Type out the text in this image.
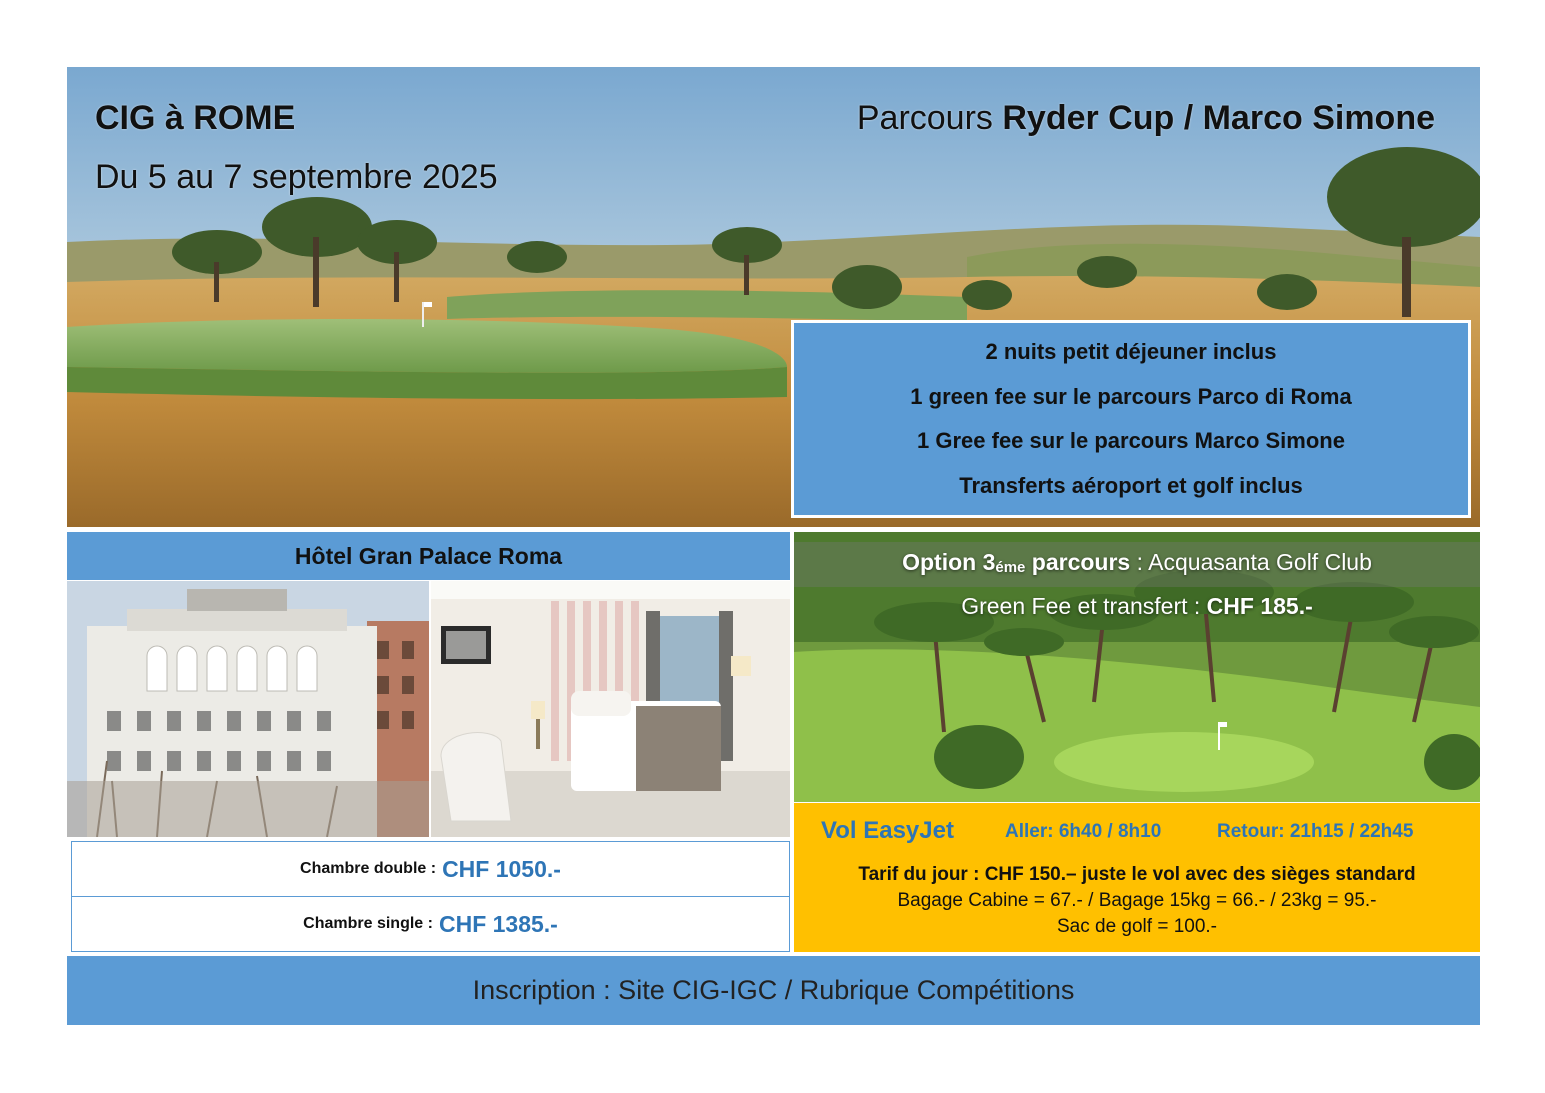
CIG à ROME
Du 5 au 7 septembre 2025
Parcours Ryder Cup / Marco Simone
2 nuits petit déjeuner inclus
1 green fee sur le parcours Parco di Roma
1 Gree fee sur le parcours Marco Simone
Transferts aéroport et golf inclus
Hôtel Gran Palace Roma
Chambre double : CHF 1050.-
Chambre single : CHF 1385.-
Option $3_{éme}$ parcours : Acquasanta Golf Club
Green Fee et transfert : CHF 185.-
Vol EasyJet	Aller: 6h40 / 8h10	Retour: 21h15 / 22h45
Tarif du jour : CHF 150.– juste le vol avec des sièges standard
Bagage Cabine = 67.- / Bagage 15kg = 66.- / 23kg = 95.-
Sac de golf = 100.-
Inscription : Site CIG-IGC / Rubrique Compétitions
